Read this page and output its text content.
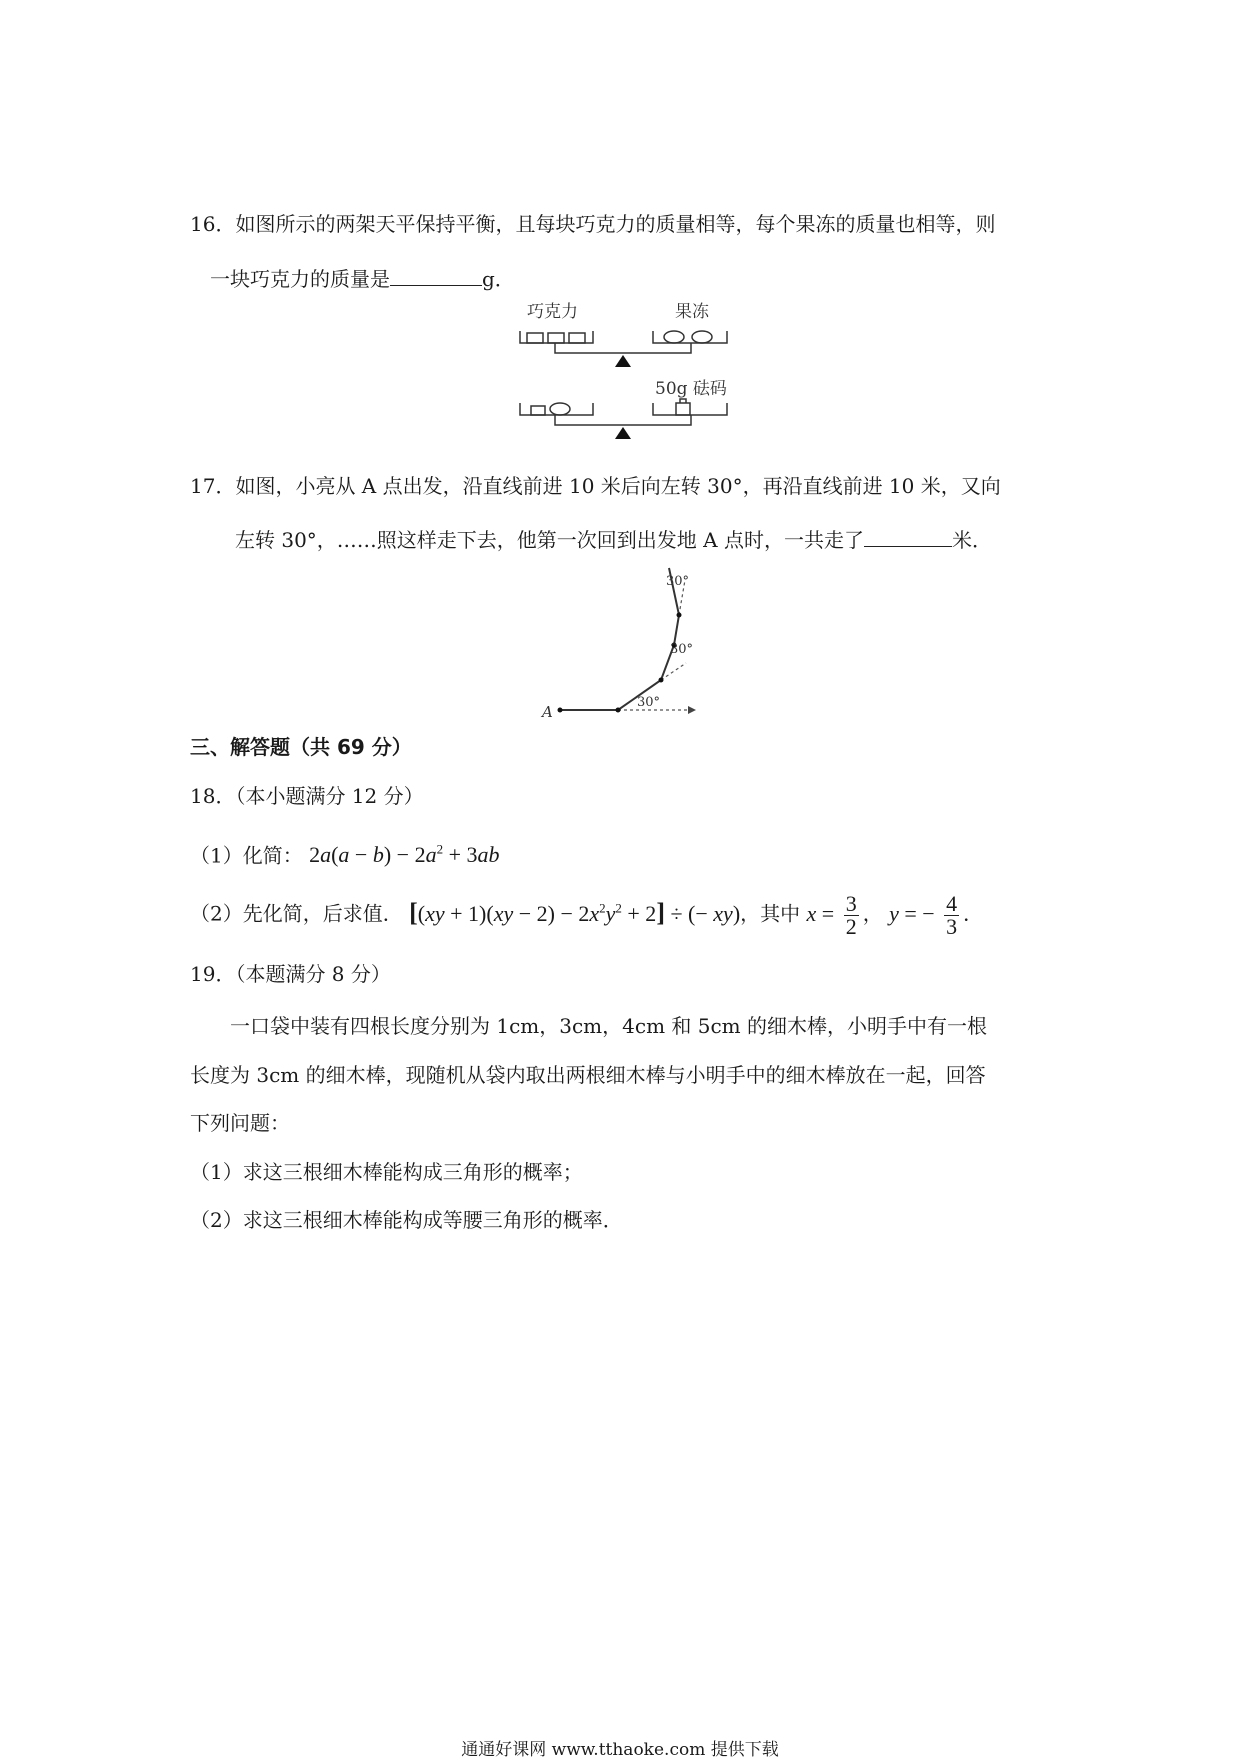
16．如图所示的两架天平保持平衡，且每块巧克力的质量相等，每个果冻的质量也相等，则
一块巧克力的质量是	g．
巧克力	果冻
50g 砝码
17．如图，小亮从 A 点出发，沿直线前进 10 米后向左转 30°，再沿直线前进 10 米，又向
左转 30°，……照这样走下去，他第一次回到出发地 A 点时，一共走了	米．
A
30°
30°
30°
三、解答题（共 69 分）
18．（本小题满分 12 分）
（1）化简： $2a(a - b) - 2a^2 + 3ab$
（2）先化简，后求值． $[(xy + 1)(xy - 2) - 2x^2y^2 + 2]$ ÷ (− xy)，其中 $x = \frac{3}{2}$ ， y = − $\frac{4}{3}$ ．
19．（本题满分 8 分）
一口袋中装有四根长度分别为 1cm，3cm，4cm 和 5cm 的细木棒，小明手中有一根
长度为 3cm 的细木棒，现随机从袋内取出两根细木棒与小明手中的细木棒放在一起，回答
下列问题：
（1）求这三根细木棒能构成三角形的概率；
（2）求这三根细木棒能构成等腰三角形的概率．
通通好课网 www.tthaoke.com 提供下载
